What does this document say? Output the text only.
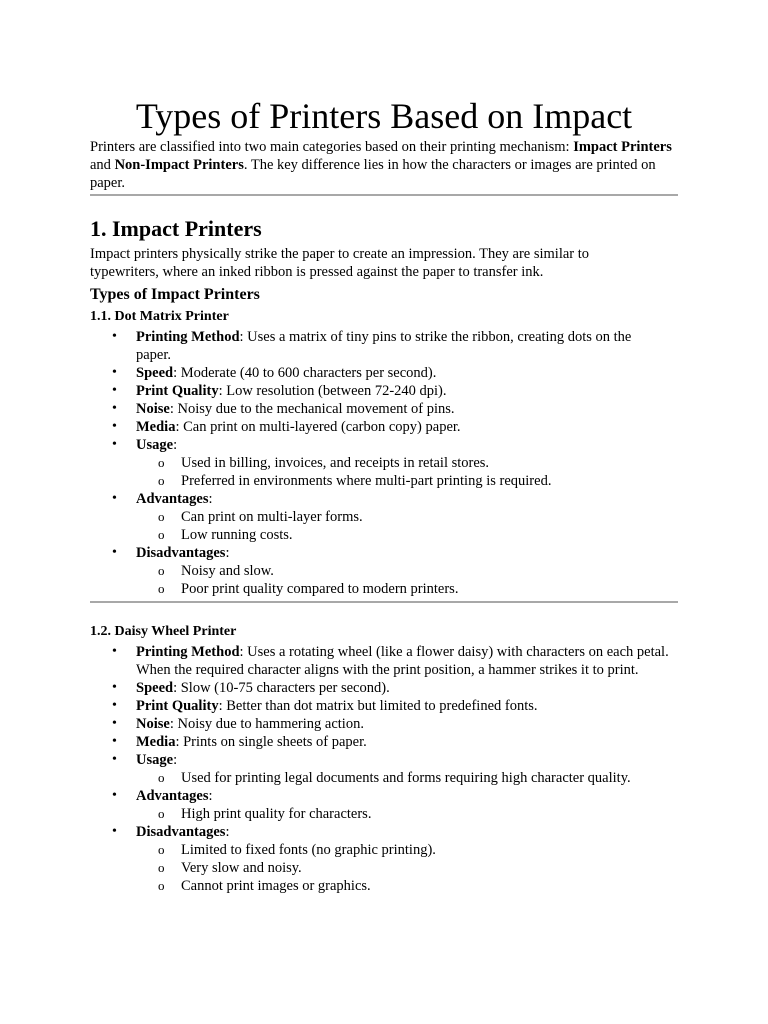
Types of Printers Based on Impact

Printers are classified into two main categories based on their printing mechanism: Impact Printers and Non-Impact Printers. The key difference lies in how the characters or images are printed on paper.

1. Impact Printers

Impact printers physically strike the paper to create an impression. They are similar to typewriters, where an inked ribbon is pressed against the paper to transfer ink.

Types of Impact Printers
1.1. Dot Matrix Printer
• Printing Method: Uses a matrix of tiny pins to strike the ribbon, creating dots on the paper.
• Speed: Moderate (40 to 600 characters per second).
• Print Quality: Low resolution (between 72-240 dpi).
• Noise: Noisy due to the mechanical movement of pins.
• Media: Can print on multi-layered (carbon copy) paper.
• Usage:
o Used in billing, invoices, and receipts in retail stores.
o Preferred in environments where multi-part printing is required.
• Advantages:
o Can print on multi-layer forms.
o Low running costs.
• Disadvantages:
o Noisy and slow.
o Poor print quality compared to modern printers.
1.2. Daisy Wheel Printer
• Printing Method: Uses a rotating wheel (like a flower daisy) with characters on each petal. When the required character aligns with the print position, a hammer strikes it to print.
• Speed: Slow (10-75 characters per second).
• Print Quality: Better than dot matrix but limited to predefined fonts.
• Noise: Noisy due to hammering action.
• Media: Prints on single sheets of paper.
• Usage:
o Used for printing legal documents and forms requiring high character quality.
• Advantages:
o High print quality for characters.
• Disadvantages:
o Limited to fixed fonts (no graphic printing).
o Very slow and noisy.
o Cannot print images or graphics.
